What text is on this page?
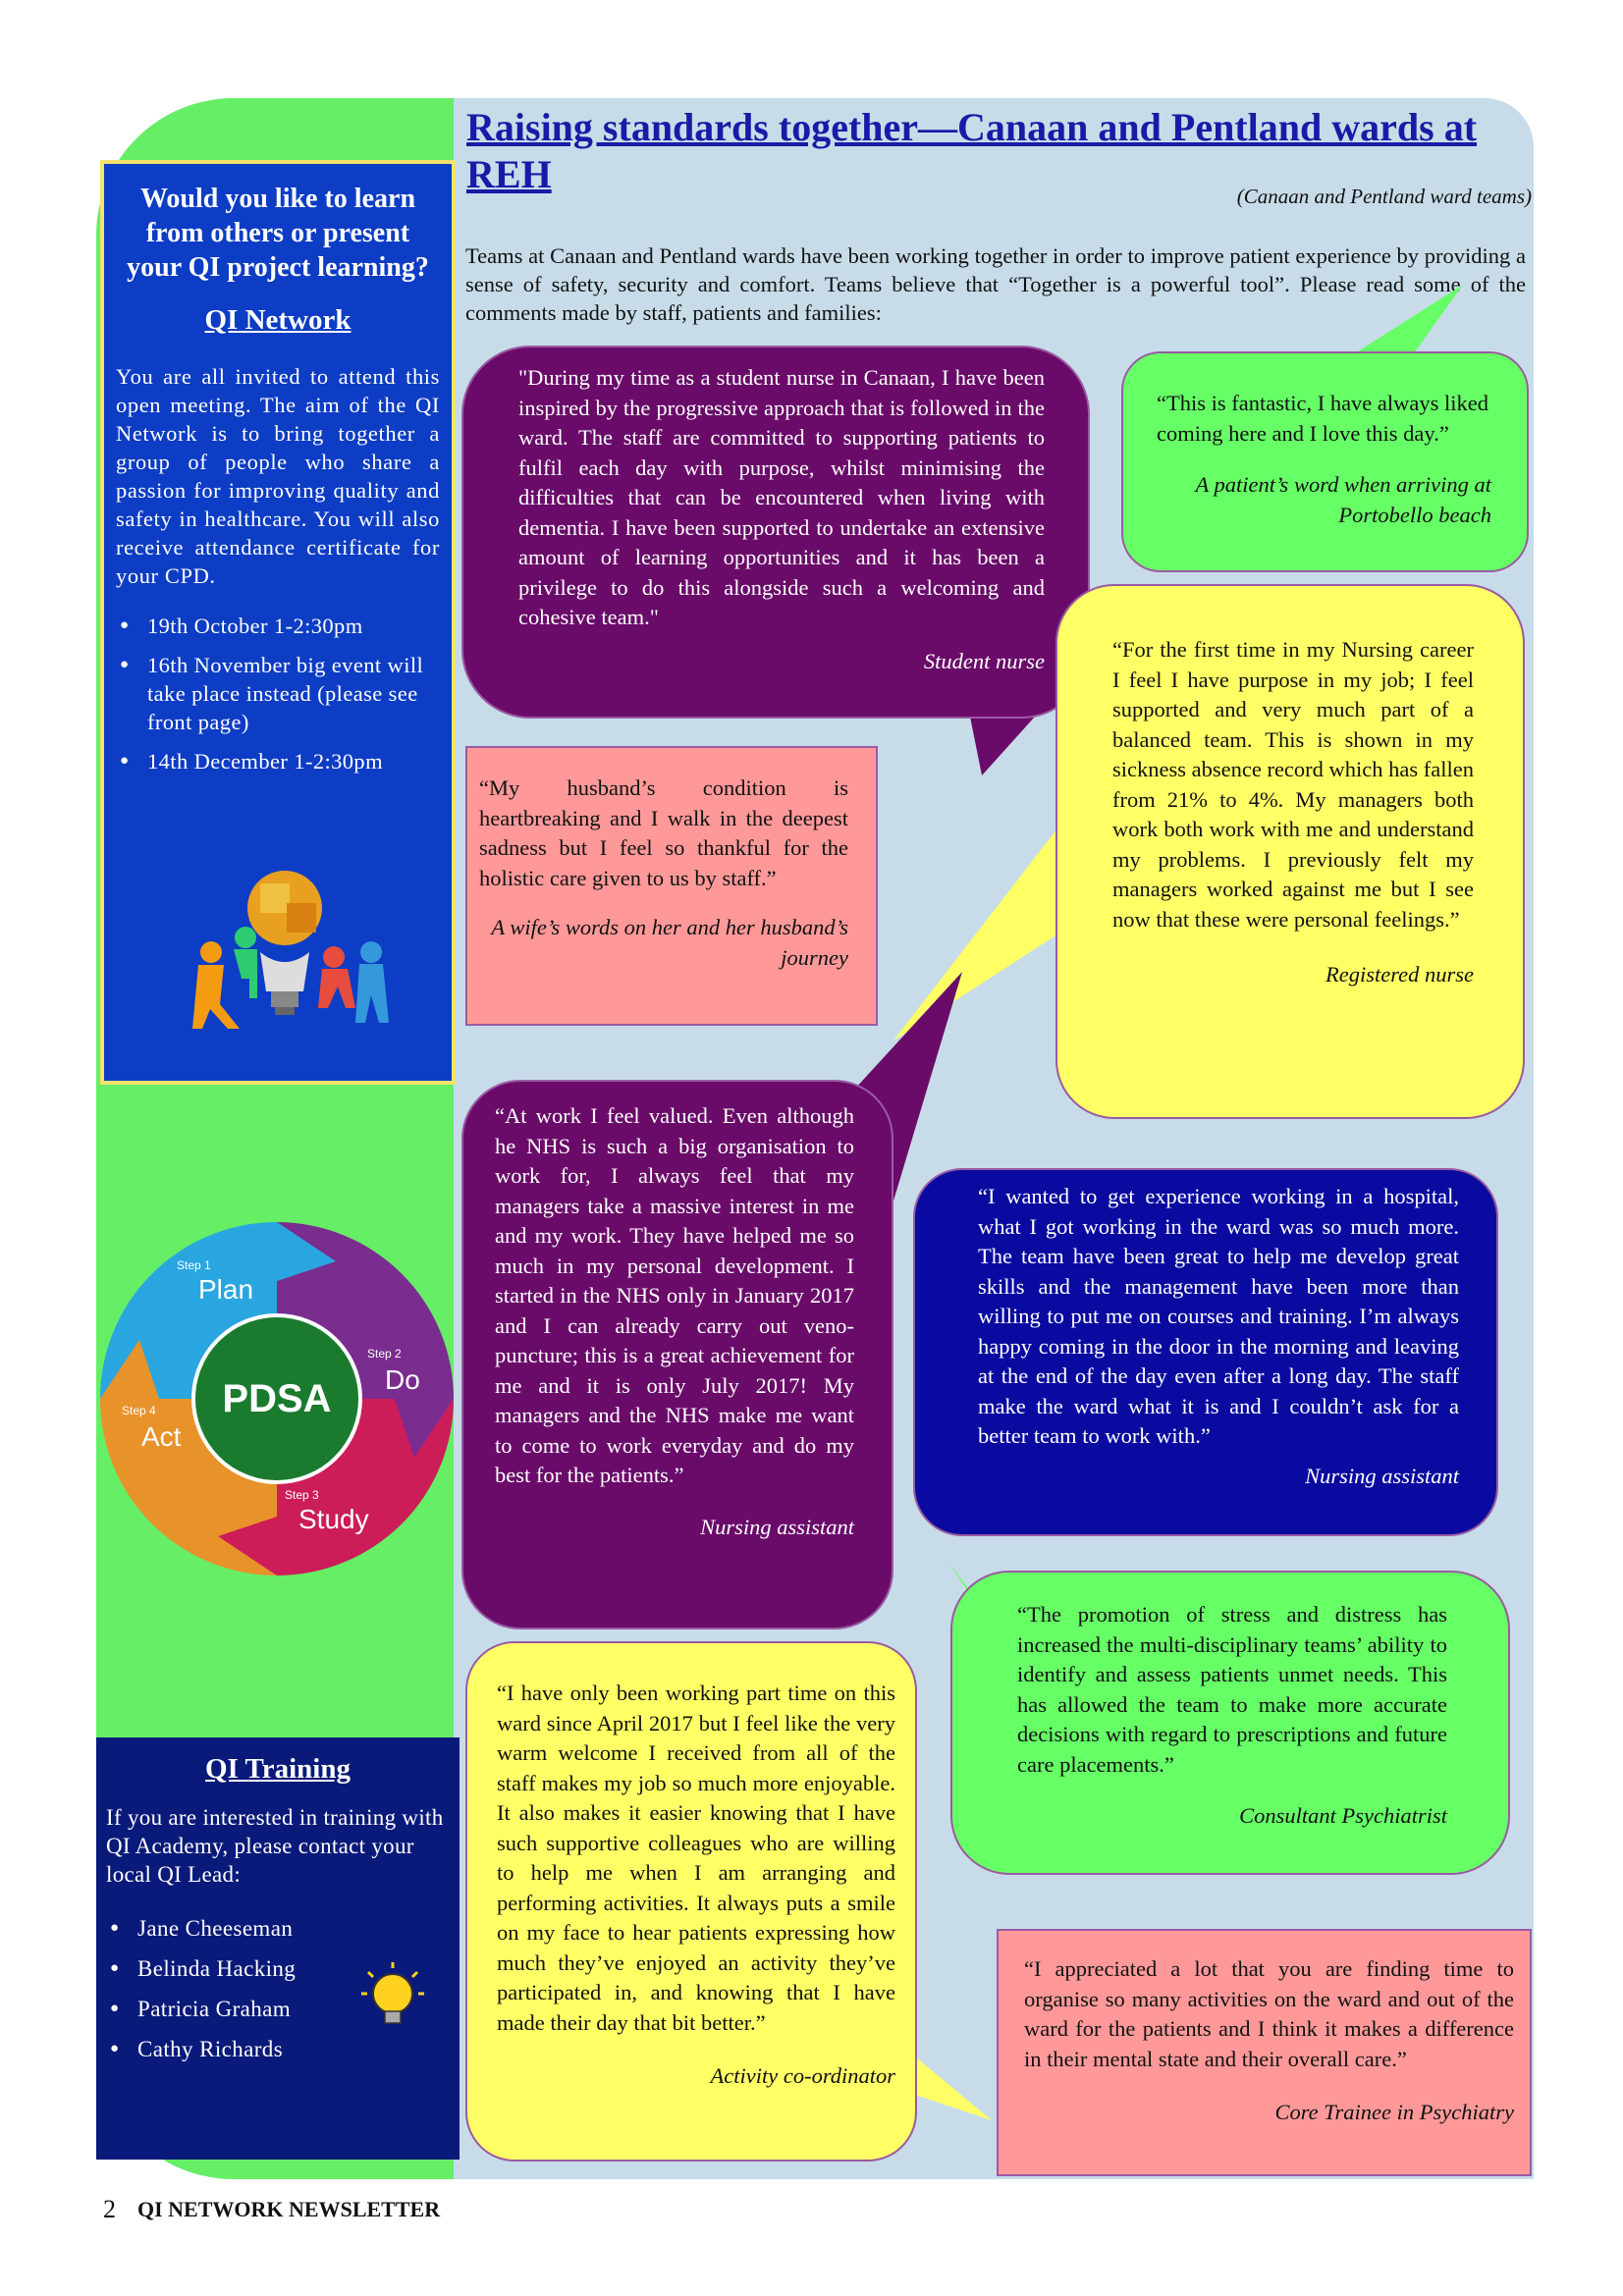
Would you like to learn from others or present your QI project learning?
QI Network
You are all invited to attend this open meeting. The aim of the QI Network is to bring together a group of people who share a passion for improving quality and safety in healthcare. You will also receive attendance certificate for your CPD.
● 19th October 1-2:30pm
● 16th November big event will take place instead (please see front page)
● 14th December 1-2:30pm
PDSA
Step 1
Plan
Step 2
Do
Step 3
Study
Step 4
Act
QI Training
If you are interested in training with QI Academy, please contact your local QI Lead:
● Jane Cheeseman
● Belinda Hacking
● Patricia Graham
● Cathy Richards
Raising standards together—Canaan and Pentland wards at REH	(Canaan and Pentland ward teams)
Teams at Canaan and Pentland wards have been working together in order to improve patient experience by providing a sense of safety, security and comfort. Teams believe that “Together is a powerful tool”. Please read some of the comments made by staff, patients and families:
"During my time as a student nurse in Canaan, I have been inspired by the progressive approach that is followed in the ward. The staff are committed to supporting patients to fulfil each day with purpose, whilst minimising the difficulties that can be encountered when living with dementia. I have been supported to undertake an extensive amount of learning opportunities and it has been a privilege to do this alongside such a welcoming and cohesive team."
Student nurse
“This is fantastic, I have always liked coming here and I love this day.”
A patient’s word when arriving at Portobello beach
“For the first time in my Nursing career I feel I have purpose in my job; I feel supported and very much part of a balanced team. This is shown in my sickness absence record which has fallen from 21% to 4%. My managers both work both work with me and understand my problems. I previously felt my managers worked against me but I see now that these were personal feelings.”
Registered nurse
“My husband’s condition is heartbreaking and I walk in the deepest sadness but I feel so thankful for the holistic care given to us by staff.”
A wife’s words on her and her husband’s journey
“At work I feel valued. Even although he NHS is such a big organisation to work for, I always feel that my managers take a massive interest in me and my work. They have helped me so much in my personal development. I started in the NHS only in January 2017 and I can already carry out veno-puncture; this is a great achievement for me and it is only July 2017! My managers and the NHS make me want to come to work everyday and do my best for the patients.”
Nursing assistant
“I wanted to get experience working in a hospital, what I got working in the ward was so much more. The team have been great to help me develop great skills and the management have been more than willing to put me on courses and training. I’m always happy coming in the door in the morning and leaving at the end of the day even after a long day. The staff make the ward what it is and I couldn’t ask for a better team to work with.”
Nursing assistant
“The promotion of stress and distress has increased the multi-disciplinary teams’ ability to identify and assess patients unmet needs. This has allowed the team to make more accurate decisions with regard to prescriptions and future care placements.”
Consultant Psychiatrist
“I have only been working part time on this ward since April 2017 but I feel like the very warm welcome I received from all of the staff makes my job so much more enjoyable. It also makes it easier knowing that I have such supportive colleagues who are willing to help me when I am arranging and performing activities. It always puts a smile on my face to hear patients expressing how much they’ve enjoyed an activity they’ve participated in, and knowing that I have made their day that bit better.”
Activity co-ordinator
“I appreciated a lot that you are finding time to organise so many activities on the ward and out of the ward for the patients and I think it makes a difference in their mental state and their overall care.”
Core Trainee in Psychiatry
2 QI NETWORK NEWSLETTER
